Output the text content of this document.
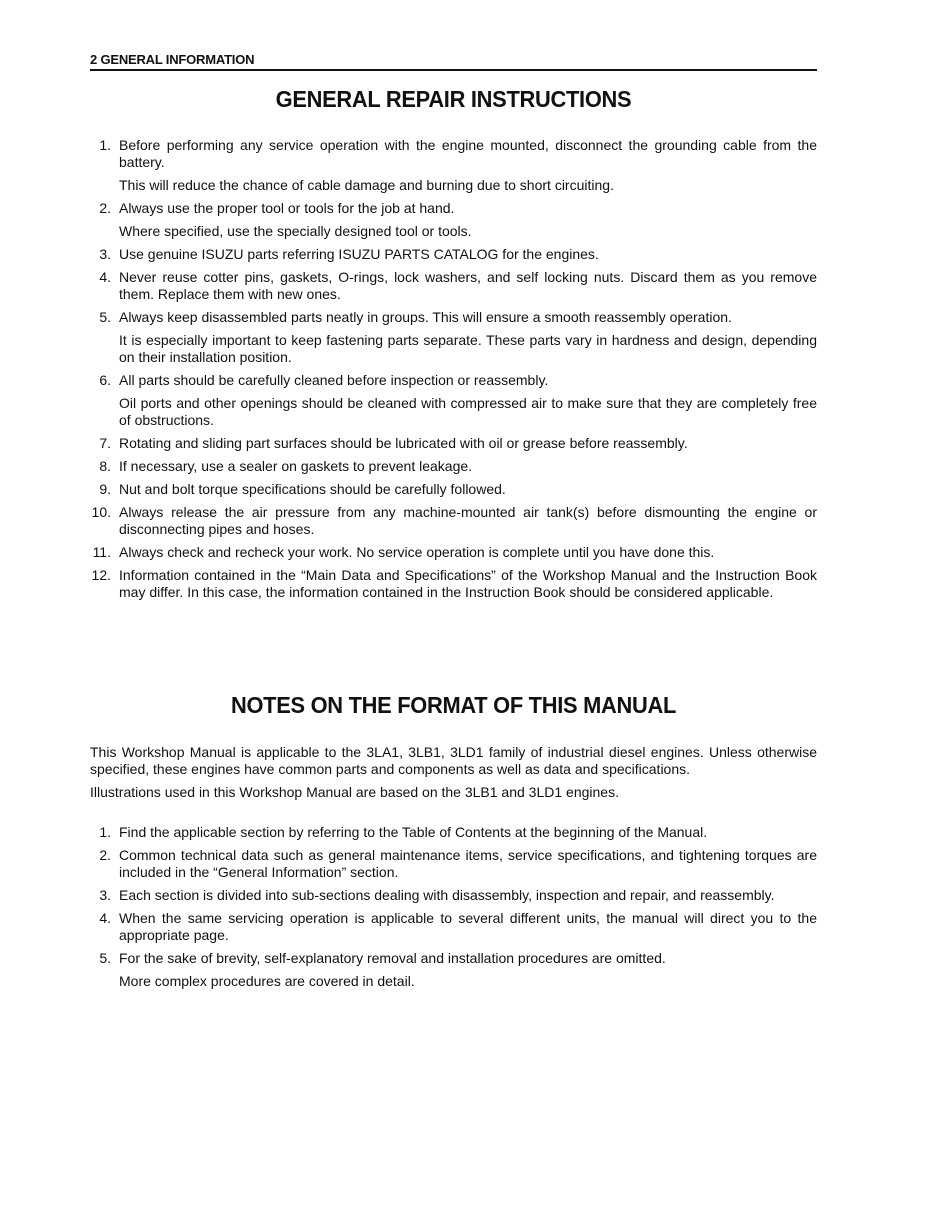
2 GENERAL INFORMATION
GENERAL REPAIR INSTRUCTIONS
1. Before performing any service operation with the engine mounted, disconnect the grounding cable from the battery.

This will reduce the chance of cable damage and burning due to short circuiting.

2. Always use the proper tool or tools for the job at hand.

Where specified, use the specially designed tool or tools.

3. Use genuine ISUZU parts referring ISUZU PARTS CATALOG for the engines.

4. Never reuse cotter pins, gaskets, O-rings, lock washers, and self locking nuts. Discard them as you remove them. Replace them with new ones.

5. Always keep disassembled parts neatly in groups. This will ensure a smooth reassembly operation.

It is especially important to keep fastening parts separate. These parts vary in hardness and design, depending on their installation position.

6. All parts should be carefully cleaned before inspection or reassembly.

Oil ports and other openings should be cleaned with compressed air to make sure that they are completely free of obstructions.

7. Rotating and sliding part surfaces should be lubricated with oil or grease before reassembly.

8. If necessary, use a sealer on gaskets to prevent leakage.

9. Nut and bolt torque specifications should be carefully followed.

10. Always release the air pressure from any machine-mounted air tank(s) before dismounting the engine or disconnecting pipes and hoses.

11. Always check and recheck your work. No service operation is complete until you have done this.

12. Information contained in the “Main Data and Specifications” of the Workshop Manual and the Instruction Book may differ. In this case, the information contained in the Instruction Book should be considered applicable.

NOTES ON THE FORMAT OF THIS MANUAL

This Workshop Manual is applicable to the 3LA1, 3LB1, 3LD1 family of industrial diesel engines. Unless otherwise specified, these engines have common parts and components as well as data and specifications.

Illustrations used in this Workshop Manual are based on the 3LB1 and 3LD1 engines.

1. Find the applicable section by referring to the Table of Contents at the beginning of the Manual.

2. Common technical data such as general maintenance items, service specifications, and tightening torques are included in the “General Information” section.

3. Each section is divided into sub-sections dealing with disassembly, inspection and repair, and reassembly.

4. When the same servicing operation is applicable to several different units, the manual will direct you to the appropriate page.

5. For the sake of brevity, self-explanatory removal and installation procedures are omitted.

More complex procedures are covered in detail.
